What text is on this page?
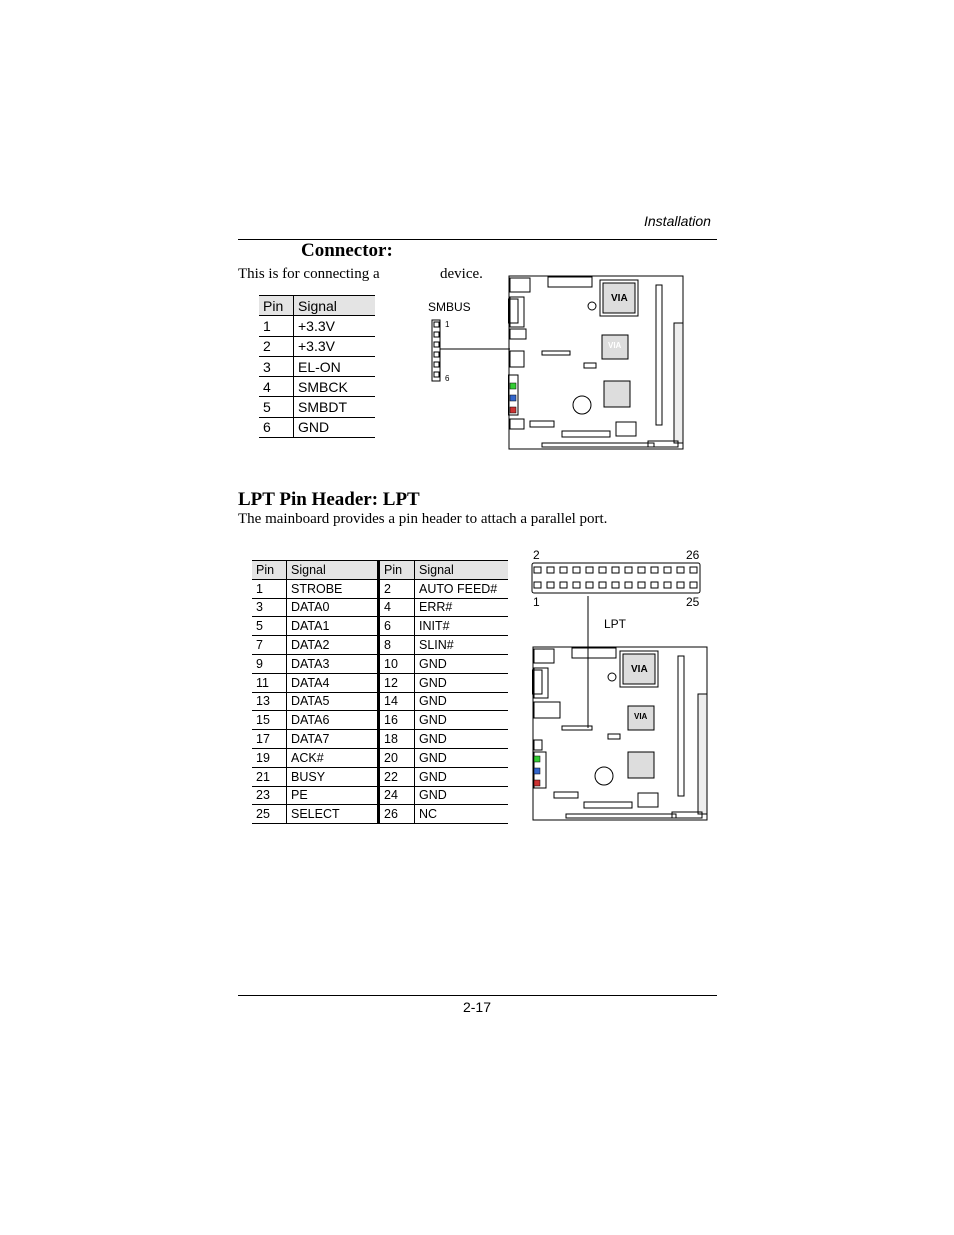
Installation
Connector:
This is for connecting a	device.
Pin	Signal
1	+3.3V
2	+3.3V
3	EL-ON
4	SMBCK
5	SMBDT
6	GND
SMBUS
1
6
VIA
VIA
LPT Pin Header: LPT
The mainboard provides a pin header to attach a parallel port.
Pin	Signal	Pin	Signal
1	STROBE	2	AUTO FEED#
3	DATA0	4	ERR#
5	DATA1	6	INIT#
7	DATA2	8	SLIN#
9	DATA3	10	GND
11	DATA4	12	GND
13	DATA5	14	GND
15	DATA6	16	GND
17	DATA7	18	GND
19	ACK#	20	GND
21	BUSY	22	GND
23	PE	24	GND
25	SELECT	26	NC
2	26
1	25
LPT
VIA
VIA
2-17
